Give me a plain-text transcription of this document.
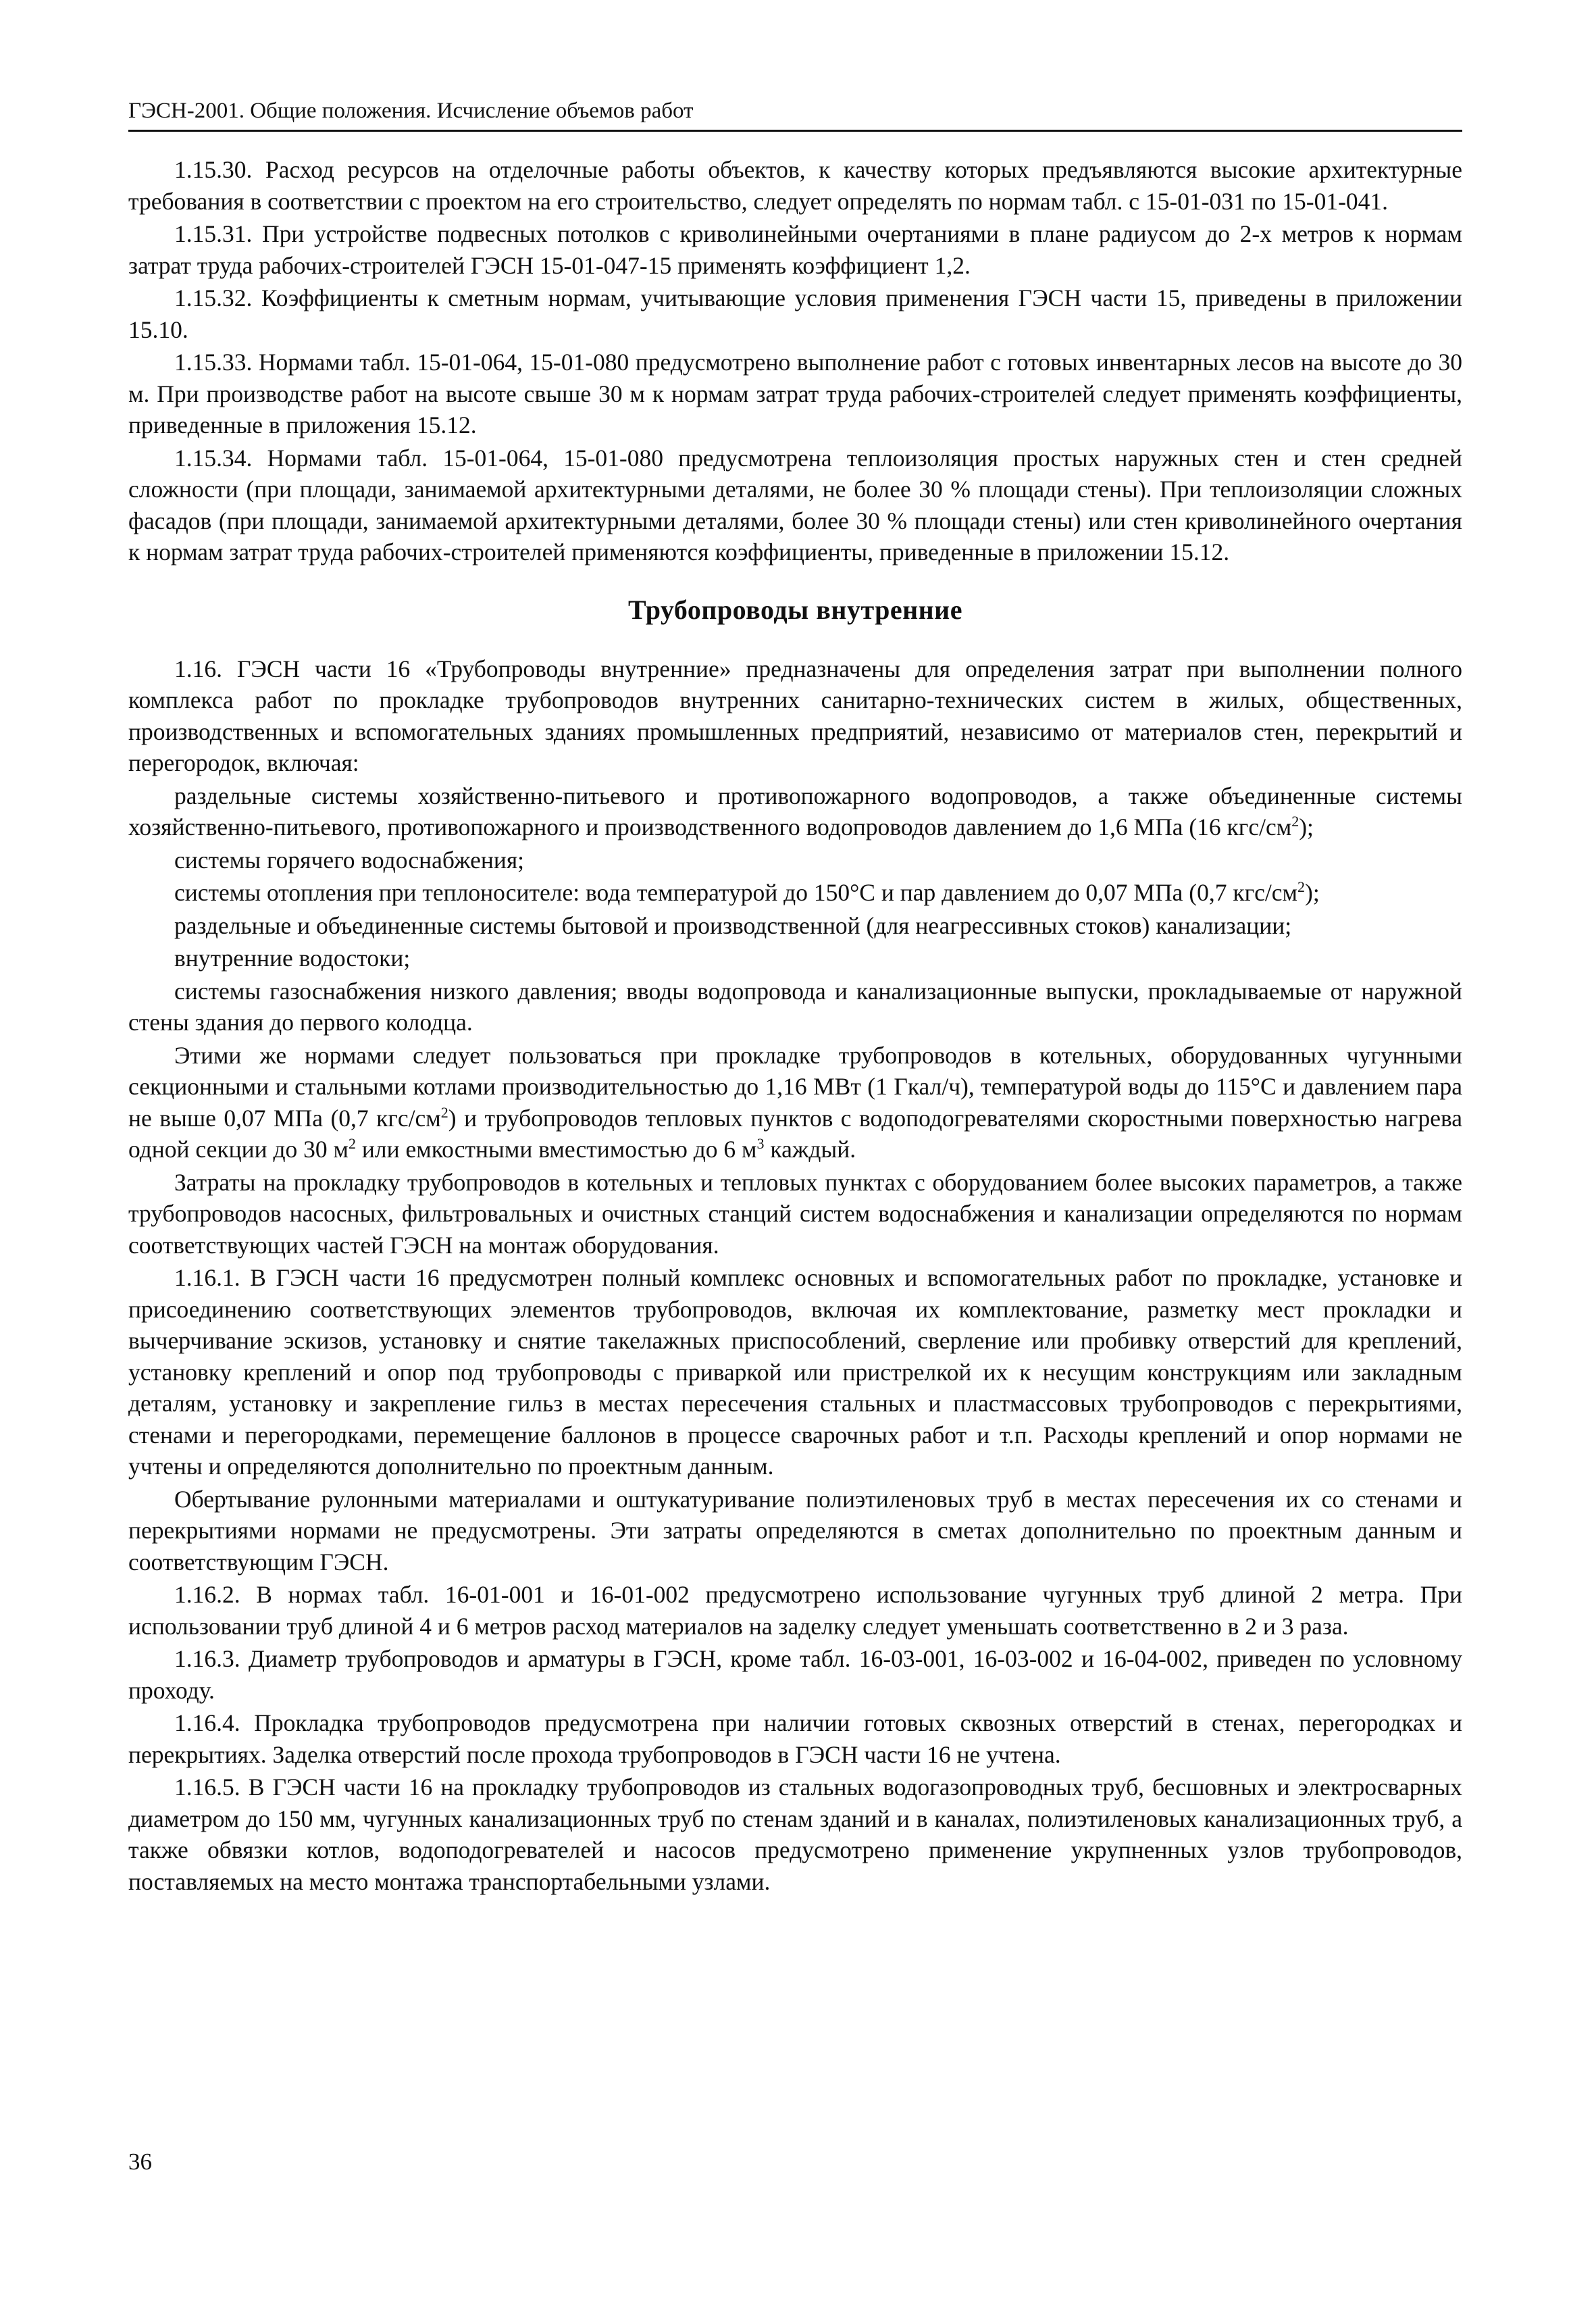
ГЭСН-2001. Общие положения. Исчисление объемов работ

1.15.30. Расход ресурсов на отделочные работы объектов, к качеству которых предъявляются высокие архитектурные требования в соответствии с проектом на его строительство, следует определять по нормам табл. с 15-01-031 по 15-01-041.

1.15.31. При устройстве подвесных потолков с криволинейными очертаниями в плане радиусом до 2-х метров к нормам затрат труда рабочих-строителей ГЭСН 15-01-047-15 применять коэффициент 1,2.

1.15.32. Коэффициенты к сметным нормам, учитывающие условия применения ГЭСН части 15, приведены в приложении 15.10.

1.15.33. Нормами табл. 15-01-064, 15-01-080 предусмотрено выполнение работ с готовых инвентарных лесов на высоте до 30 м. При производстве работ на высоте свыше 30 м к нормам затрат труда рабочих-строителей следует применять коэффициенты, приведенные в приложения 15.12.

1.15.34. Нормами табл. 15-01-064, 15-01-080 предусмотрена теплоизоляция простых наружных стен и стен средней сложности (при площади, занимаемой архитектурными деталями, не более 30 % площади стены). При теплоизоляции сложных фасадов (при площади, занимаемой архитектурными деталями, более 30 % площади стены) или стен криволинейного очертания к нормам затрат труда рабочих-строителей применяются коэффициенты, приведенные в приложении 15.12.

Трубопроводы внутренние

1.16. ГЭСН части 16 «Трубопроводы внутренние» предназначены для определения затрат при выполнении полного комплекса работ по прокладке трубопроводов внутренних санитарно-технических систем в жилых, общественных, производственных и вспомогательных зданиях промышленных предприятий, независимо от материалов стен, перекрытий и перегородок, включая:

раздельные системы хозяйственно-питьевого и противопожарного водопроводов, а также объединенные системы хозяйственно-питьевого, противопожарного и производственного водопроводов давлением до 1,6 МПа (16 кгс/$см^2$);

системы горячего водоснабжения;

системы отопления при теплоносителе: вода температурой до 150°С и пар давлением до 0,07 МПа (0,7 кгс/$см^2$);

раздельные и объединенные системы бытовой и производственной (для неагрессивных стоков) канализации;

внутренние водостоки;

системы газоснабжения низкого давления; вводы водопровода и канализационные выпуски, прокладываемые от наружной стены здания до первого колодца.

Этими же нормами следует пользоваться при прокладке трубопроводов в котельных, оборудованных чугунными секционными и стальными котлами производительностью до 1,16 МВт (1 Гкал/ч), температурой воды до 115°С и давлением пара не выше 0,07 МПа (0,7 кгс/$см^2$) и трубопроводов тепловых пунктов с водоподогревателями скоростными поверхностью нагрева одной секции до 30 $м^2$ или емкостными вместимостью до 6 $м^3$ каждый.

Затраты на прокладку трубопроводов в котельных и тепловых пунктах с оборудованием более высоких параметров, а также трубопроводов насосных, фильтровальных и очистных станций систем водоснабжения и канализации определяются по нормам соответствующих частей ГЭСН на монтаж оборудования.

1.16.1. В ГЭСН части 16 предусмотрен полный комплекс основных и вспомогательных работ по прокладке, установке и присоединению соответствующих элементов трубопроводов, включая их комплектование, разметку мест прокладки и вычерчивание эскизов, установку и снятие такелажных приспособлений, сверление или пробивку отверстий для креплений, установку креплений и опор под трубопроводы с приваркой или пристрелкой их к несущим конструкциям или закладным деталям, установку и закрепление гильз в местах пересечения стальных и пластмассовых трубопроводов с перекрытиями, стенами и перегородками, перемещение баллонов в процессе сварочных работ и т.п. Расходы креплений и опор нормами не учтены и определяются дополнительно по проектным данным.

Обертывание рулонными материалами и оштукатуривание полиэтиленовых труб в местах пересечения их со стенами и перекрытиями нормами не предусмотрены. Эти затраты определяются в сметах дополнительно по проектным данным и соответствующим ГЭСН.

1.16.2. В нормах табл. 16-01-001 и 16-01-002 предусмотрено использование чугунных труб длиной 2 метра. При использовании труб длиной 4 и 6 метров расход материалов на заделку следует уменьшать соответственно в 2 и 3 раза.

1.16.3. Диаметр трубопроводов и арматуры в ГЭСН, кроме табл. 16-03-001, 16-03-002 и 16-04-002, приведен по условному проходу.

1.16.4. Прокладка трубопроводов предусмотрена при наличии готовых сквозных отверстий в стенах, перегородках и перекрытиях. Заделка отверстий после прохода трубопроводов в ГЭСН части 16 не учтена.

1.16.5. В ГЭСН части 16 на прокладку трубопроводов из стальных водогазопроводных труб, бесшовных и электросварных диаметром до 150 мм, чугунных канализационных труб по стенам зданий и в каналах, полиэтиленовых канализационных труб, а также обвязки котлов, водоподогревателей и насосов предусмотрено применение укрупненных узлов трубопроводов, поставляемых на место монтажа транспортабельными узлами.

36
